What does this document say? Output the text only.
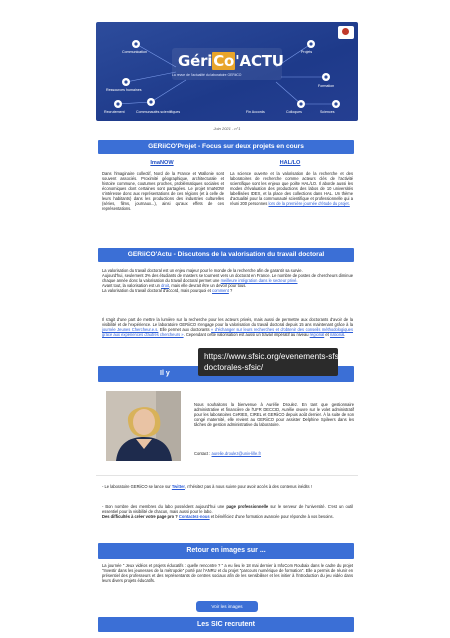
GériCo'ACTU
La revue de l'actualité du laboratoire GERiiCO
Communication
Ressources humaines
Projets
Recrutement	Communautés scientifiques
Formation
Colloques	Sciences
Fin Accords
Juin 2021 - n°1
GERiiCO'Projet - Focus sur deux projets en cours
ImaNOW	HAL/LO
Dans l'imaginaire collectif, Nord de la France et Wallonie sont souvent associés. Proximité géographique, architecturale et histoire commune, coutumes proches, problématiques sociales et économiques dont certaines sont partagées. Le projet ImaNOW s'intéresse donc aux représentations de ces régions (et à celle de leurs habitants) dans les productions des industries culturelles (séries, films, journaux...), ainsi qu'aux effets de ces représentations.
La science ouverte et la valorisation de la recherche et des laboratoires de recherche comme acteurs clés de l'activité scientifique sont les enjeux que poilte HAL/LO. Il aborde aussi les modes d'évaluation des productions des labos de 10 universités labellisées IDEX, et la place des collections dans HAL. Un thème d'actualité pour la communauté scientifique et professionnelle qui a réuni 200 personnes lors de la première journée d'étude du projet.
GERiiCO'Actu - Discutons de la valorisation du travail doctoral
La valorisation du travail doctoral est un enjeu majeur pour le monde de la recherche afin de garantir sa survie.
Aujourd'hui, seulement 3% des étudiants de masters se tournent vers un doctorat en France. Le nombre de postes de chercheurs diminue chaque année donc la valorisation du travail doctoral permet une meilleure intégration dans le secteur privé.
Avant tout, la valorisation est un droit, mais elle devrait être un devoir pour tous.
La valorisation du travail doctoral d'accord, mais pourquoi et comment ?
Il s'agit d'une part de mettre la lumière sur la recherche pour les acteurs privés, mais aussi de permettre aux doctorants d'avoir de la visibilité et de l'expérience. Le laboratoire GERiiCO s'engage pour la valorisation du travail doctoral depuis 15 ans maintenant grâce à la journée Jeunes Chercheur.e.s. Elle permet aux doctorants « d'échanger sur leurs recherches et d'obtenir des conseils méthodologiques grâce aux expériences d'autres chercheurs ». Cependant cette valorisation est aussi un travail impératif au niveau régional et national.
Il y
Nous souhaitons la bienvenue à Aurélie Droulez. En tant que gestionnaire administrative et financière de l'UFR DECCID, Aurélie œuvre sur le volet administratif pour les laboratoires CeRIES, CIREL et GERiiCO depuis août dernier. À la suite de son congé maternité, elle revient au GERiiCO pour assister Delphine Spileers dans les tâches de gestion administrative du laboratoire.
Contact : aurelie.droulez@univ-lille.fr
- Le laboratoire GERiiCO se lance sur Twitter, n'hésitez pas à nous suivre pour avoir accès à des contenus inédits !
- Bon nombre des membres du labo possèdent aujourd'hui une page professionnelle sur le serveur de l'université. C'est un outil essentiel pour la visibilité de chacun, mais aussi pour le labo.
Des difficultés à créer votre page pro ? Contactez-nous et bénéficiez d'une formation avancée pour répondre à vos besoins.
Retour en images sur ...
La journée " Jeux vidéos et projets éducatifs : quelle rencontre ? " a eu lieu le 18 mai dernier à InfoCom Roubaix dans le cadre du projet "Investir dans les jeunesses de la métropole" porté par l'ANRU et du projet "parcours numérique de formation". Elle a permis de réunir en présentiel des professeurs et des représentants de centres sociaux afin de les sensibiliser et les initier à l'introduction du jeu vidéo dans leurs divers projets éducatifs.
Voir les images
Les SIC recrutent
https://www.sfsic.org/evenements-sfsic/
doctorales-sfsic/
